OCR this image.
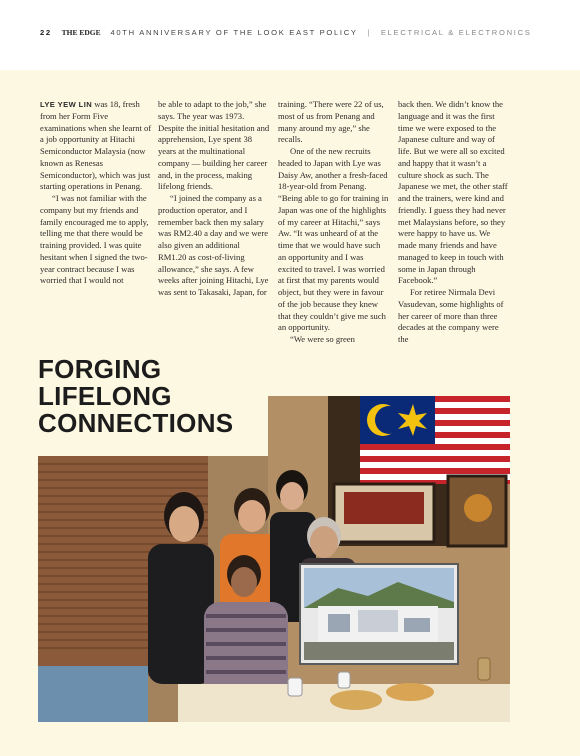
22 THE EDGE 40TH ANNIVERSARY OF THE LOOK EAST POLICY | ELECTRICAL & ELECTRONICS

LYE YEW LIN was 18, fresh from her Form Five examinations when she learnt of a job opportunity at Hitachi Semiconductor Malaysia (now known as Renesas Semiconductor), which was just starting operations in Penang.

“I was not familiar with the company but my friends and family encouraged me to apply, telling me that there would be training provided. I was quite hesitant when I signed the two-year contract because I was worried that I would not

be able to adapt to the job,” she says. The year was 1973. Despite the initial hesitation and apprehension, Lye spent 38 years at the multinational company — building her career and, in the process, making lifelong friends.

“I joined the company as a production operator, and I remember back then my salary was RM2.40 a day and we were also given an additional RM1.20 as cost-of-living allowance,” she says. A few weeks after joining Hitachi, Lye was sent to Takasaki, Japan, for

training. “There were 22 of us, most of us from Penang and many around my age,” she recalls.

One of the new recruits headed to Japan with Lye was Daisy Aw, another a fresh-faced 18-year-old from Penang. “Being able to go for training in Japan was one of the highlights of my career at Hitachi,” says Aw. “It was unheard of at the time that we would have such an opportunity and I was excited to travel. I was worried at first that my parents would object, but they were in favour of the job because they knew that they couldn’t give me such an opportunity.

“We were so green

back then. We didn’t know the language and it was the first time we were exposed to the Japanese culture and way of life. But we were all so excited and happy that it wasn’t a culture shock as such. The Japanese we met, the other staff and the trainers, were kind and friendly. I guess they had never met Malaysians before, so they were happy to have us. We made many friends and have managed to keep in touch with some in Japan through Facebook.”

For retiree Nirmala Devi Vasudevan, some highlights of her career of more than three decades at the company were the

FORGING
LIFELONG
CONNECTIONS
